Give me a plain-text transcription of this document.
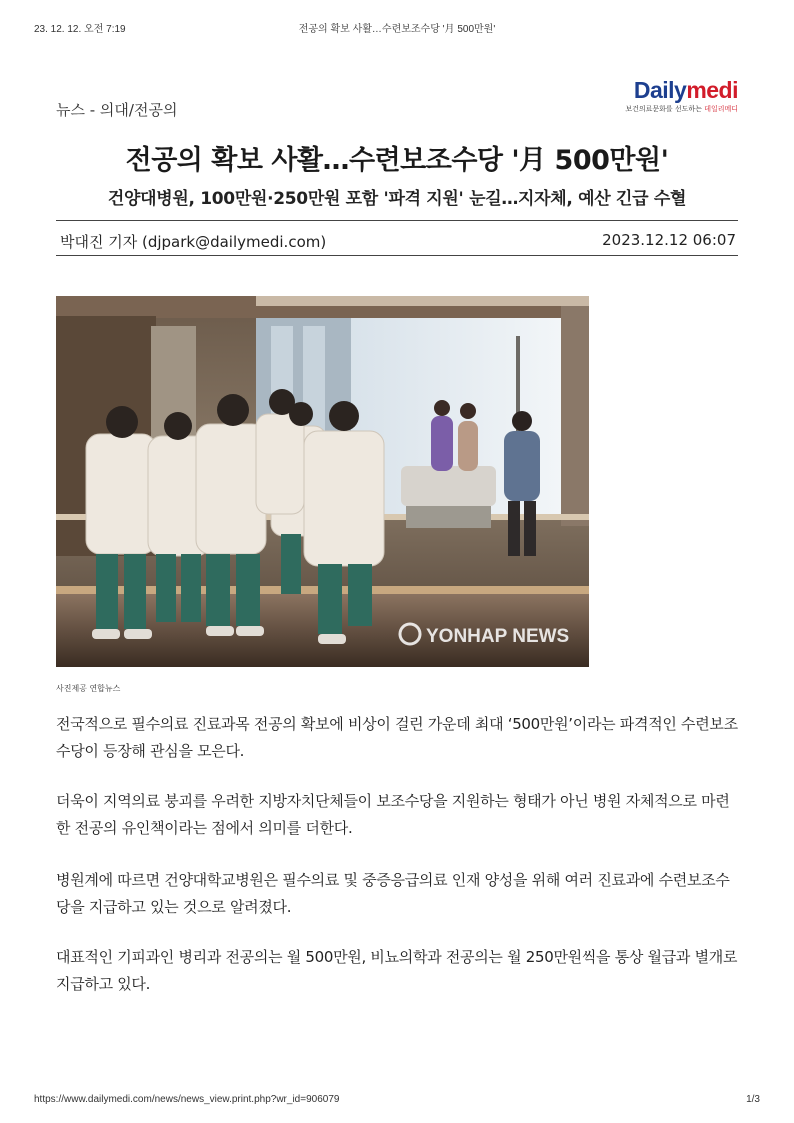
23. 12. 12. 오전 7:19	전공의 확보 사활…수련보조수당 '月 500만원'
뉴스 - 의대/전공의
Dailymedi
보건의료문화를 선도하는 데일리메디
전공의 확보 사활…수련보조수당 '月 500만원'
건양대병원, 100만원·250만원 포함 '파격 지원' 눈길…지자체, 예산 긴급 수혈
박대진 기자 (djpark@dailymedi.com)	2023.12.12 06:07
YONHAP NEWS
사진제공 연합뉴스

전국적으로 필수의료 진료과목 전공의 확보에 비상이 걸린 가운데 최대 ‘500만원’이라는 파격적인 수련보조수당이 등장해 관심을 모은다.

더욱이 지역의료 붕괴를 우려한 지방자치단체들이 보조수당을 지원하는 형태가 아닌 병원 자체적으로 마련한 전공의 유인책이라는 점에서 의미를 더한다.

병원계에 따르면 건양대학교병원은 필수의료 및 중증응급의료 인재 양성을 위해 여러 진료과에 수련보조수당을 지급하고 있는 것으로 알려졌다.

대표적인 기피과인 병리과 전공의는 월 500만원, 비뇨의학과 전공의는 월 250만원씩을 통상 월급과 별개로 지급하고 있다.

https://www.dailymedi.com/news/news_view.print.php?wr_id=906079	1/3
